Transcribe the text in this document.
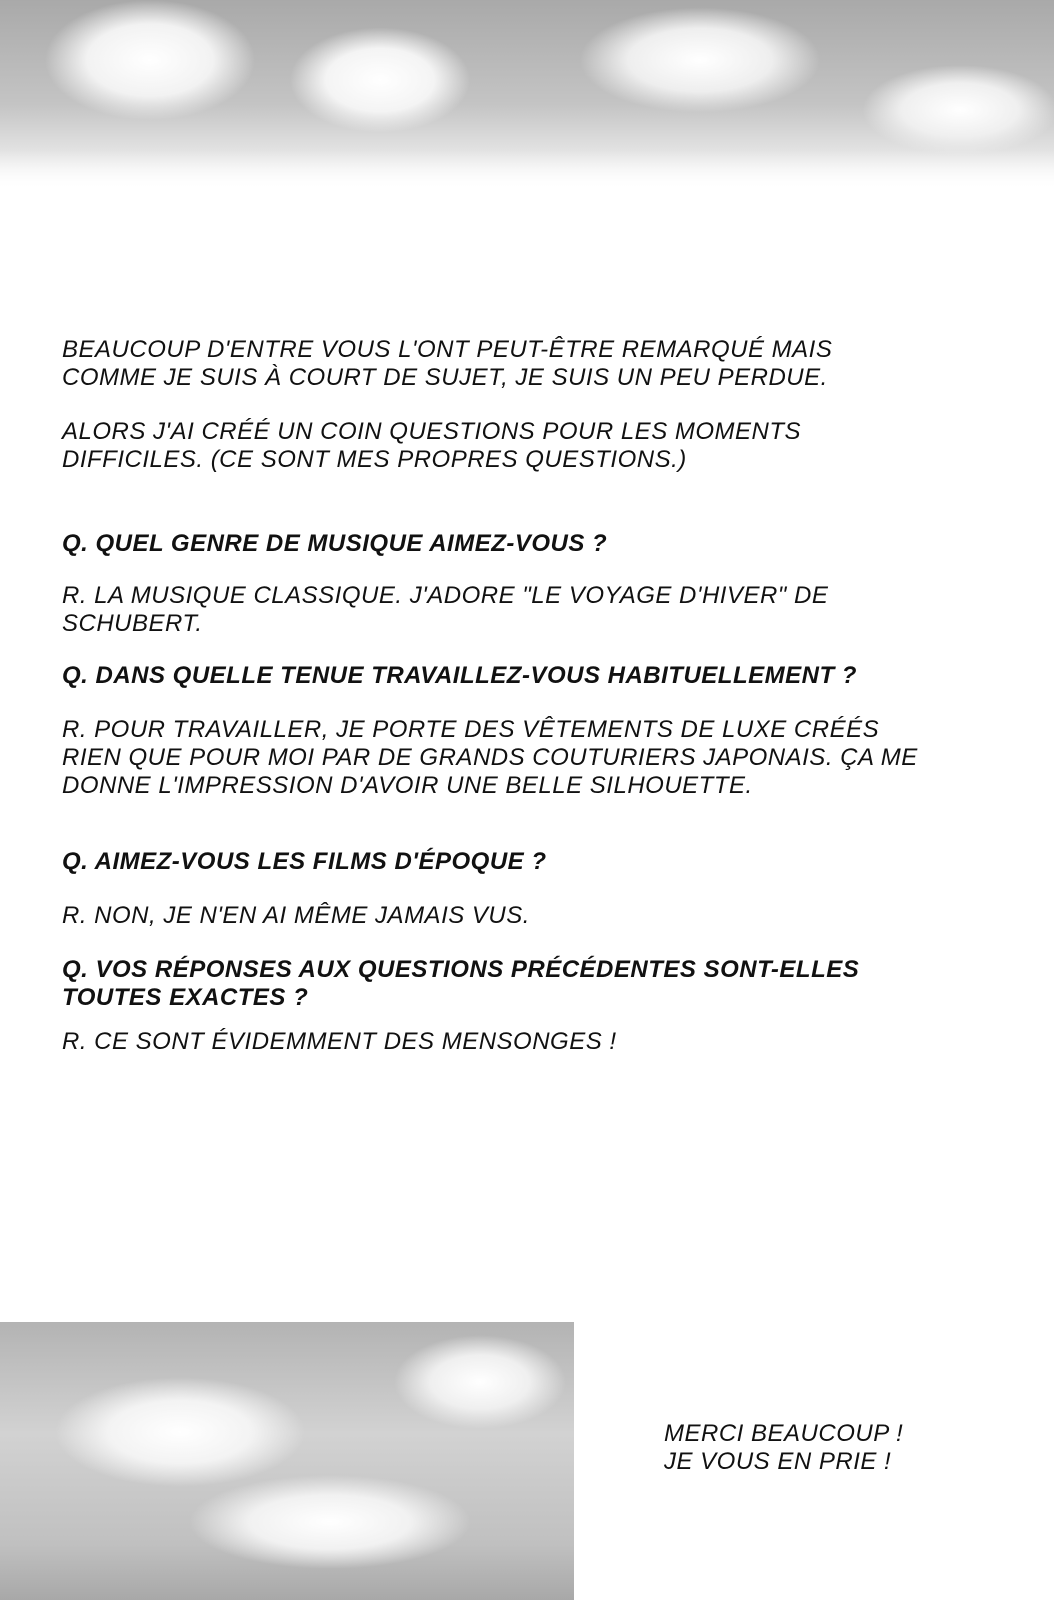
BEAUCOUP D'ENTRE VOUS L'ONT PEUT-ÊTRE REMARQUÉ MAIS
COMME JE SUIS À COURT DE SUJET, JE SUIS UN PEU PERDUE.
ALORS J'AI CRÉÉ UN COIN QUESTIONS POUR LES MOMENTS
DIFFICILES. (CE SONT MES PROPRES QUESTIONS.)
Q. QUEL GENRE DE MUSIQUE AIMEZ-VOUS ?
R. LA MUSIQUE CLASSIQUE. J'ADORE "LE VOYAGE D'HIVER" DE
SCHUBERT.
Q. DANS QUELLE TENUE TRAVAILLEZ-VOUS HABITUELLEMENT ?
R. POUR TRAVAILLER, JE PORTE DES VÊTEMENTS DE LUXE CRÉÉS
RIEN QUE POUR MOI PAR DE GRANDS COUTURIERS JAPONAIS. ÇA ME
DONNE L'IMPRESSION D'AVOIR UNE BELLE SILHOUETTE.
Q. AIMEZ-VOUS LES FILMS D'ÉPOQUE ?
R. NON, JE N'EN AI MÊME JAMAIS VUS.
Q. VOS RÉPONSES AUX QUESTIONS PRÉCÉDENTES SONT-ELLES
TOUTES EXACTES ?
R. CE SONT ÉVIDEMMENT DES MENSONGES !
MERCI BEAUCOUP !
JE VOUS EN PRIE !
